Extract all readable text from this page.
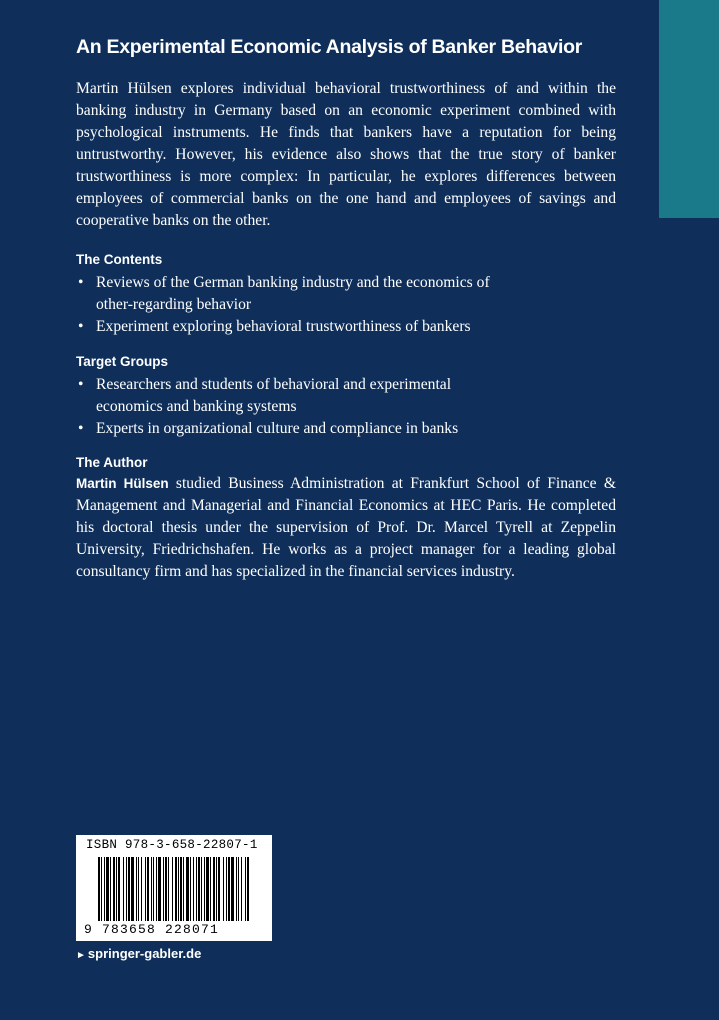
An Experimental Economic Analysis of Banker Behavior

Martin Hülsen explores individual behavioral trustworthiness of and within the banking industry in Germany based on an economic experiment combined with psychological instruments. He finds that bankers have a reputation for being untrustworthy. However, his evidence also shows that the true story of banker trustworthiness is more complex: In particular, he explores differences between employees of commercial banks on the one hand and employees of savings and cooperative banks on the other.

The Contents
• Reviews of the German banking industry and the economics of other-regarding behavior
• Experiment exploring behavioral trustworthiness of bankers
Target Groups
• Researchers and students of behavioral and experimental economics and banking systems
• Experts in organizational culture and compliance in banks
The Author

Martin Hülsen studied Business Administration at Frankfurt School of Finance & Management and Managerial and Financial Economics at HEC Paris. He completed his doctoral thesis under the supervision of Prof. Dr. Marcel Tyrell at Zeppelin University, Friedrichshafen. He works as a project manager for a leading global consultancy firm and has specialized in the financial services industry.

ISBN 978-3-658-22807-1
9 783658 228071
► springer-gabler.de
